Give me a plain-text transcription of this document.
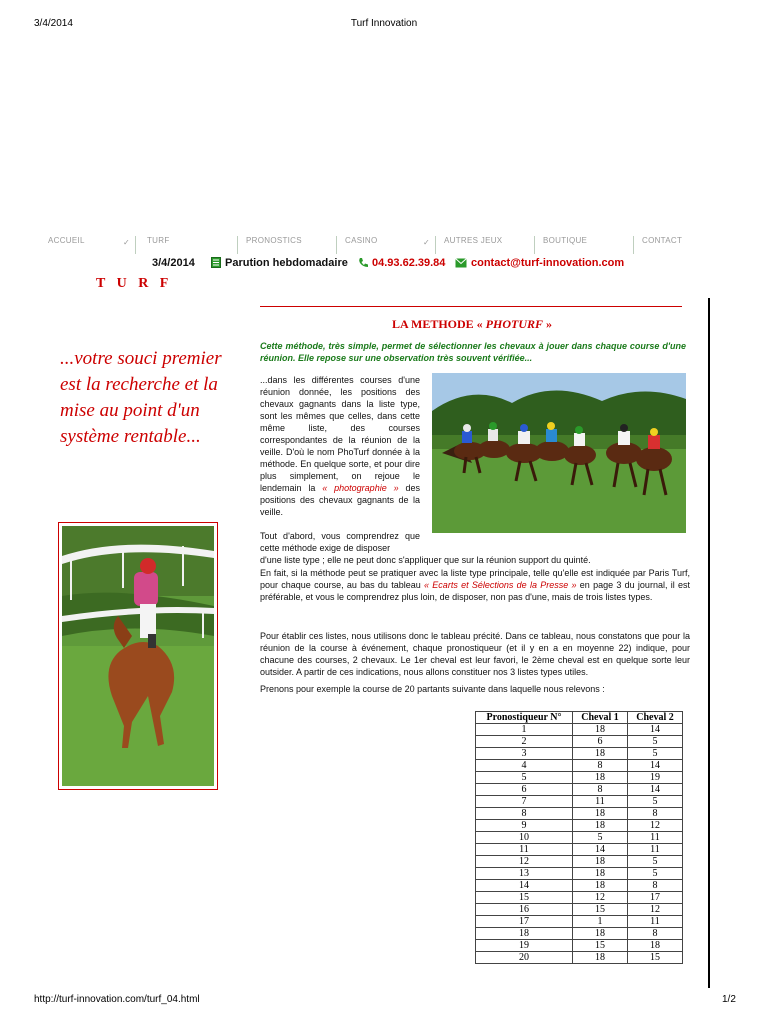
3/4/2014	Turf Innovation
ACCUEIL	✓	TURF	PRONOSTICS	CASINO	✓	AUTRES JEUX	BOUTIQUE	CONTACT
3/4/2014	Parution hebdomadaire	04.93.62.39.84	contact@turf-innovation.com
T U R F
...votre souci premier est la recherche et la mise au point d'un système rentable...
LA METHODE « PHOTURF »
Cette méthode, très simple, permet de sélectionner les chevaux à jouer dans chaque course d'une réunion. Elle repose sur une observation très souvent vérifiée...
...dans les différentes courses d'une réunion donnée, les positions des chevaux gagnants dans la liste type, sont les mêmes que celles, dans cette même liste, des courses correspondantes de la réunion de la veille. D'où le nom PhoTurf donnée à la méthode. En quelque sorte, et pour dire plus simplement, on rejoue le lendemain la « photographie » des positions des chevaux gagnants de la veille.
Tout d'abord, vous comprendrez que cette méthode exige de disposer
d'une liste type ; elle ne peut donc s'appliquer que sur la réunion support du quinté.
En fait, si la méthode peut se pratiquer avec la liste type principale, telle qu'elle est indiquée par Paris Turf, pour chaque course, au bas du tableau « Ecarts et Sélections de la Presse » en page 3 du journal, il est préférable, et vous le comprendrez plus loin, de disposer, non pas d'une, mais de trois listes types.
Pour établir ces listes, nous utilisons donc le tableau précité. Dans ce tableau, nous constatons que pour la réunion de la course à événement, chaque pronostiqueur (et il y en a en moyenne 22) indique, pour chacune des courses, 2 chevaux. Le 1er cheval est leur favori, le 2ème cheval est en quelque sorte leur outsider. A partir de ces indications, nous allons constituer nos 3 listes types utiles.
Prenons pour exemple la course de 20 partants suivante dans laquelle nous relevons :
Pronostiqueur N°	Cheval 1	Cheval 2
1	18	14
2	6	5
3	18	5
4	8	14
5	18	19
6	8	14
7	11	5
8	18	8
9	18	12
10	5	11
11	14	11
12	18	5
13	18	5
14	18	8
15	12	17
16	15	12
17	1	11
18	18	8
19	15	18
20	18	15
http://turf-innovation.com/turf_04.html	1/2
